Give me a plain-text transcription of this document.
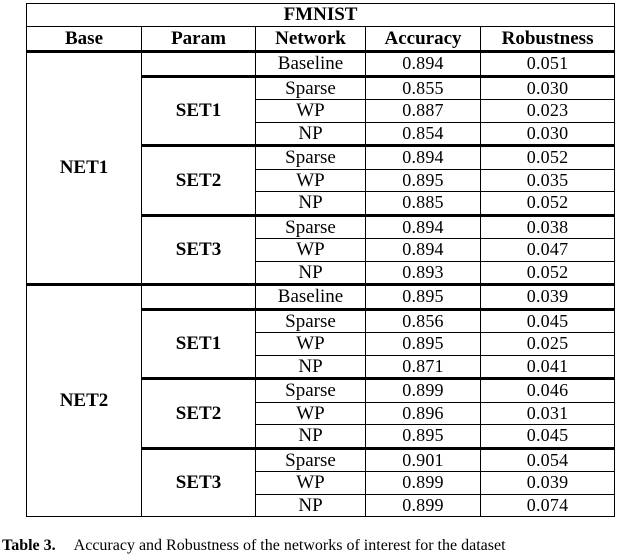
FMNIST				
Base	Param	Network	Accuracy	Robustness
NET1		Baseline	0.894	0.051
	SET1	Sparse	0.855	0.030
		WP	0.887	0.023
		NP	0.854	0.030
	SET2	Sparse	0.894	0.052
		WP	0.895	0.035
		NP	0.885	0.052
	SET3	Sparse	0.894	0.038
		WP	0.894	0.047
		NP	0.893	0.052
NET2		Baseline	0.895	0.039
	SET1	Sparse	0.856	0.045
		WP	0.895	0.025
		NP	0.871	0.041
	SET2	Sparse	0.899	0.046
		WP	0.896	0.031
		NP	0.895	0.045
	SET3	Sparse	0.901	0.054
		WP	0.899	0.039
		NP	0.899	0.074
Table 3. Accuracy and Robustness of the networks of interest for the dataset
